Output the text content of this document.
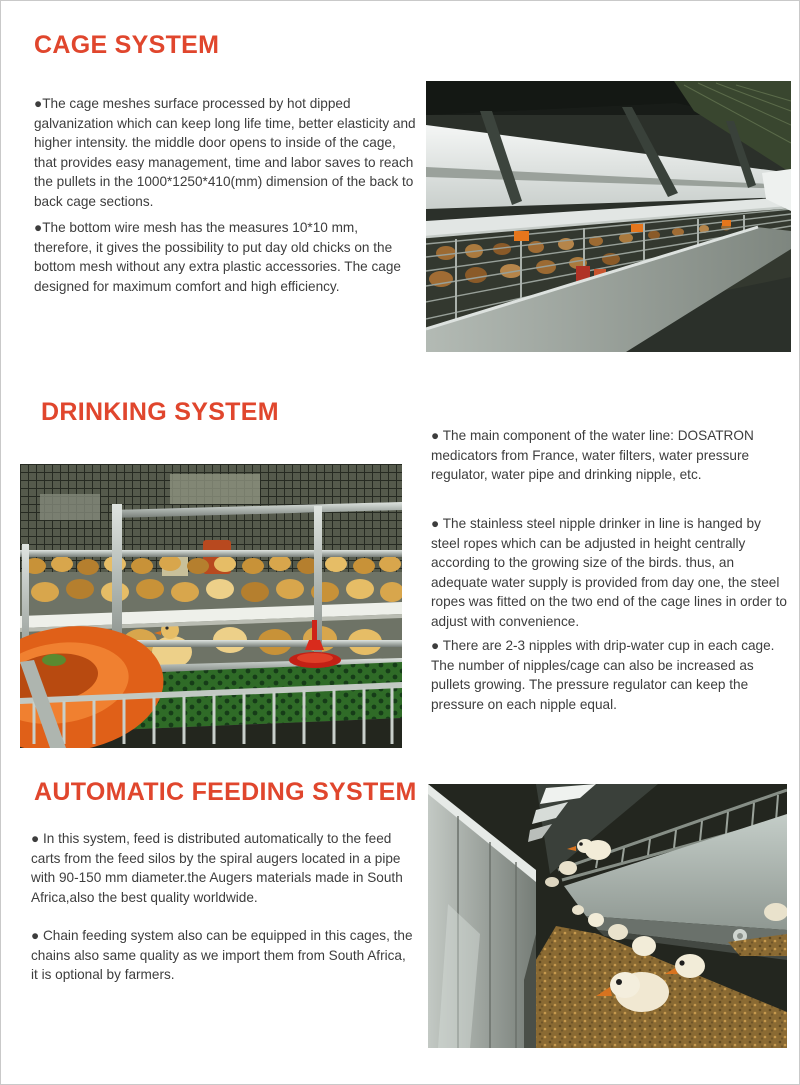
CAGE SYSTEM

●The cage meshes surface processed by hot dipped galvanization which can keep long life time, better elasticity and higher intensity. the middle door opens to inside of the cage, that provides easy management, time and labor saves to reach the pullets in the 1000*1250*410(mm) dimension of the back to back cage sections.

●The bottom wire mesh has the measures 10*10 mm, therefore, it gives the possibility to put day old chicks on the bottom mesh without any extra plastic accessories. The cage designed for maximum comfort and high efficiency.

DRINKING SYSTEM

● The main component of the water line: DOSATRON medicators from France, water filters, water pressure regulator, water pipe and drinking nipple, etc.

● The stainless steel nipple drinker in line is hanged by steel ropes which can be adjusted in height centrally according to the growing size of the birds. thus, an adequate water supply is provided from day one, the steel ropes was fitted on the two end of the cage lines in order to adjust with convenience.

● There are 2-3 nipples with drip-water cup in each cage. The number of nipples/cage can also be increased as pullets growing. The pressure regulator can keep the pressure on each nipple equal.

AUTOMATIC FEEDING SYSTEM

● In this system, feed is distributed automatically to the feed carts from the feed silos by the spiral augers located in a pipe with 90-150 mm diameter.the Augers materials made in South Africa,also the best quality worldwide.

● Chain feeding system also can be equipped in this cages, the chains also same quality as we import them from South Africa, it is optional by farmers.
